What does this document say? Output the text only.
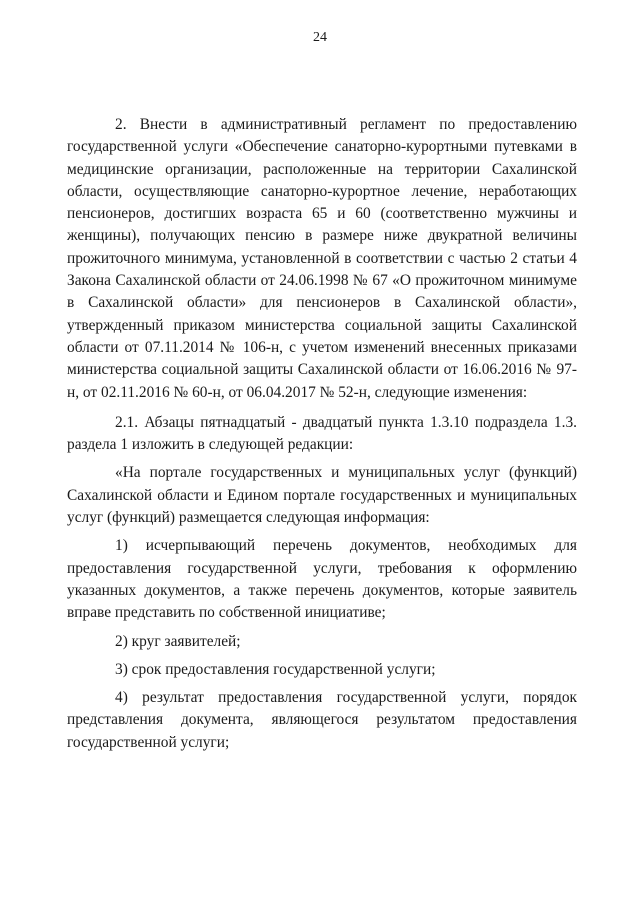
24

2. Внести в административный регламент по предоставлению государственной услуги «Обеспечение санаторно-курортными путевками в медицинские организации, расположенные на территории Сахалинской области, осуществляющие санаторно-курортное лечение, неработающих пенсионеров, достигших возраста 65 и 60 (соответственно мужчины и женщины), получающих пенсию в размере ниже двукратной величины прожиточного минимума, установленной в соответствии с частью 2 статьи 4 Закона Сахалинской области от 24.06.1998 № 67 «О прожиточном минимуме в Сахалинской области» для пенсионеров в Сахалинской области», утвержденный приказом министерства социальной защиты Сахалинской области от 07.11.2014 № 106-н, с учетом изменений внесенных приказами министерства социальной защиты Сахалинской области от 16.06.2016 № 97-н, от 02.11.2016 № 60-н, от 06.04.2017 № 52-н, следующие изменения:

2.1. Абзацы пятнадцатый - двадцатый пункта 1.3.10 подраздела 1.3. раздела 1 изложить в следующей редакции:

«На портале государственных и муниципальных услуг (функций) Сахалинской области и Едином портале государственных и муниципальных услуг (функций) размещается следующая информация:

1) исчерпывающий перечень документов, необходимых для предоставления государственной услуги, требования к оформлению указанных документов, а также перечень документов, которые заявитель вправе представить по собственной инициативе;

2) круг заявителей;

3) срок предоставления государственной услуги;

4) результат предоставления государственной услуги, порядок представления документа, являющегося результатом предоставления государственной услуги;
